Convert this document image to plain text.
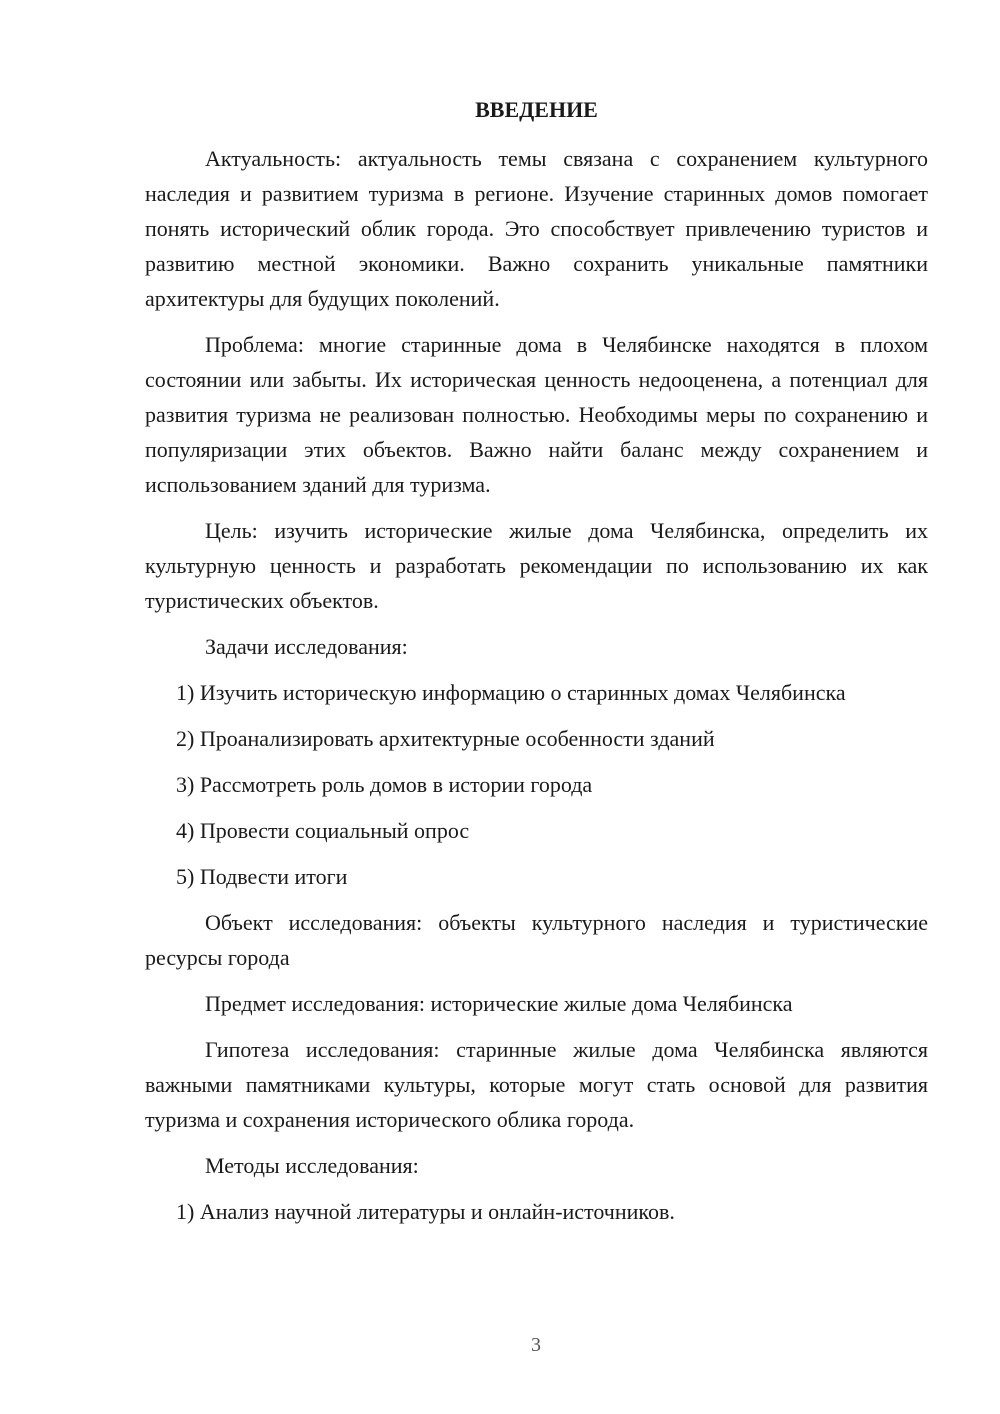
ВВЕДЕНИЕ

Актуальность: актуальность темы связана с сохранением культурного наследия и развитием туризма в регионе. Изучение старинных домов помогает понять исторический облик города. Это способствует привлечению туристов и развитию местной экономики. Важно сохранить уникальные памятники архитектуры для будущих поколений.

Проблема: многие старинные дома в Челябинске находятся в плохом состоянии или забыты. Их историческая ценность недооценена, а потенциал для развития туризма не реализован полностью. Необходимы меры по сохранению и популяризации этих объектов. Важно найти баланс между сохранением и использованием зданий для туризма.

Цель: изучить исторические жилые дома Челябинска, определить их культурную ценность и разработать рекомендации по использованию их как туристических объектов.

Задачи исследования:

1) Изучить историческую информацию о старинных домах Челябинска

2) Проанализировать архитектурные особенности зданий

3) Рассмотреть роль домов в истории города

4) Провести социальный опрос

5) Подвести итоги

Объект исследования: объекты культурного наследия и туристические ресурсы города

Предмет исследования: исторические жилые дома Челябинска

Гипотеза исследования: старинные жилые дома Челябинска являются важными памятниками культуры, которые могут стать основой для развития туризма и сохранения исторического облика города.

Методы исследования:

1) Анализ научной литературы и онлайн-источников.

3
